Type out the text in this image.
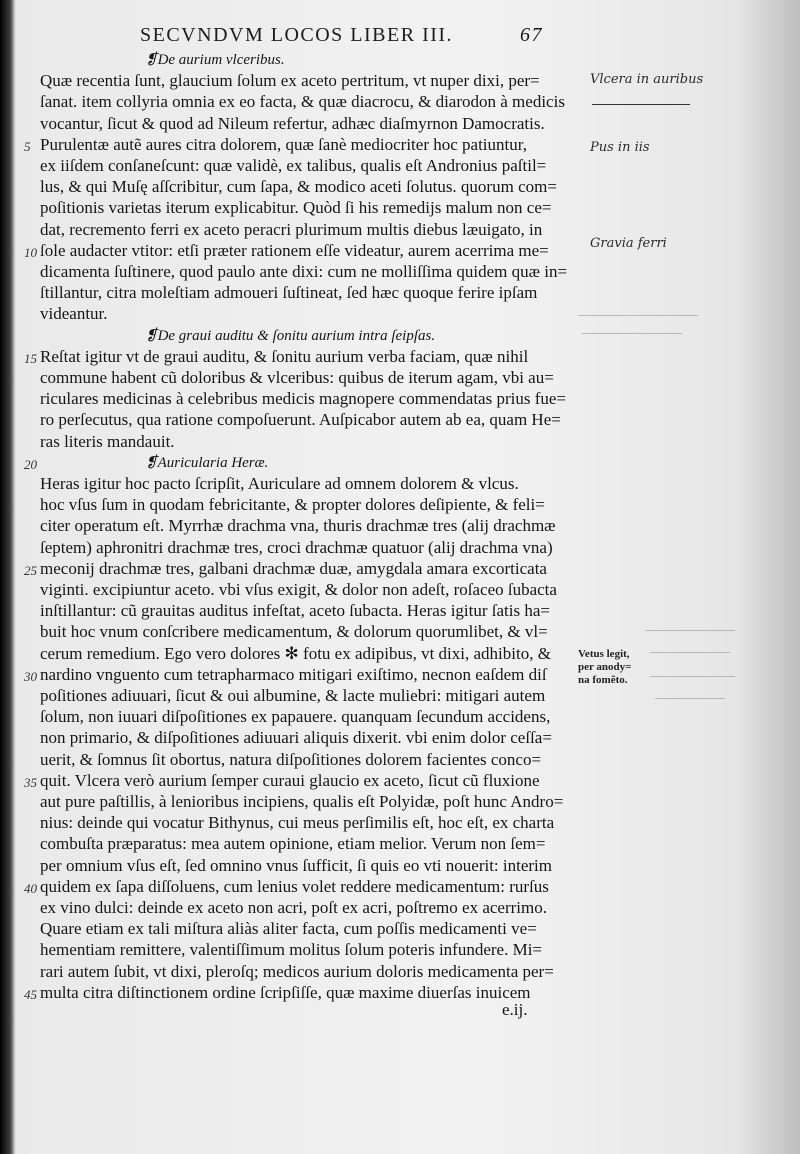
SECVNDVM LOCOS LIBER III.	67
❡De aurium vlceribus.
Quæ recentia ſunt, glaucium ſolum ex aceto pertritum, vt nuper dixi, per=
ſanat. item collyria omnia ex eo facta, & quæ diacrocu, & diarodon à medicis
vocantur, ſicut & quod ad Nileum refertur, adhæc diaſmyrnon Damocratis.
Purulentæ autẽ aures citra dolorem, quæ ſanè mediocriter hoc patiuntur,
ex iiſdem conſaneſcunt: quæ validè, ex talibus, qualis eſt Andronius paſtil=
lus, & qui Muſę aſſcribitur, cum ſapa, & modico aceti ſolutus. quorum com=
poſitionis varietas iterum explicabitur. Quòd ſi his remedijs malum non ce=
dat, recremento ferri ex aceto peracri plurimum multis diebus læuigato, in
ſole audacter vtitor: etſi præter rationem eſſe videatur, aurem acerrima me=
dicamenta ſuſtinere, quod paulo ante dixi: cum ne molliſſima quidem quæ in=
ſtillantur, citra moleſtiam admoueri ſuſtineat, ſed hæc quoque ferire ipſam
videantur.
❡De graui auditu & ſonitu aurium intra ſeipſas.
Reſtat igitur vt de graui auditu, & ſonitu aurium verba faciam, quæ nihil
commune habent cũ doloribus & vlceribus: quibus de iterum agam, vbi au=
riculares medicinas à celebribus medicis magnopere commendatas prius fue=
ro perſecutus, qua ratione compoſuerunt. Auſpicabor autem ab ea, quam He=
ras literis mandauit.
❡Auricularia Heræ.
Heras igitur hoc pacto ſcripſit, Auriculare ad omnem dolorem & vlcus.
hoc vſus ſum in quodam febricitante, & propter dolores deſipiente, & feli=
citer operatum eſt. Myrrhæ drachma vna, thuris drachmæ tres (alij drachmæ
ſeptem) aphronitri drachmæ tres, croci drachmæ quatuor (alij drachma vna)
meconij drachmæ tres, galbani drachmæ duæ, amygdala amara excorticata
viginti. excipiuntur aceto. vbi vſus exigit, & dolor non adeſt, roſaceo ſubacta
inſtillantur: cũ grauitas auditus infeſtat, aceto ſubacta. Heras igitur ſatis ha=
buit hoc vnum conſcribere medicamentum, & dolorum quorumlibet, & vl=
cerum remedium. Ego vero dolores ✻ fotu ex adipibus, vt dixi, adhibito, &
nardino vnguento cum tetrapharmaco mitigari exiſtimo, necnon eaſdem diſ
poſitiones adiuuari, ſicut & oui albumine, & lacte muliebri: mitigari autem
ſolum, non iuuari diſpoſitiones ex papauere. quanquam ſecundum accidens,
non primario, & diſpoſitiones adiuuari aliquis dixerit. vbi enim dolor ceſſa=
uerit, & ſomnus ſit obortus, natura diſpoſitiones dolorem facientes conco=
quit. Vlcera verò aurium ſemper curaui glaucio ex aceto, ſicut cũ fluxione
aut pure paſtillis, à lenioribus incipiens, qualis eſt Polyidæ, poſt hunc Andro=
nius: deinde qui vocatur Bithynus, cui meus perſimilis eſt, hoc eſt, ex charta
combuſta præparatus: mea autem opinione, etiam melior. Verum non ſem=
per omnium vſus eſt, ſed omnino vnus ſufficit, ſi quis eo vti nouerit: interim
quidem ex ſapa diſſoluens, cum lenius volet reddere medicamentum: rurſus
ex vino dulci: deinde ex aceto non acri, poſt ex acri, poſtremo ex acerrimo.
Quare etiam ex tali miſtura aliàs aliter facta, cum poſſis medicamenti ve=
hementiam remittere, valentiſſimum molitus ſolum poteris infundere. Mi=
rari autem ſubit, vt dixi, pleroſq; medicos aurium doloris medicamenta per=
multa citra diſtinctionem ordine ſcripſiſſe, quæ maxime diuerſas inuicem
5
10
15
20
25
30
35
40
45
Vetus legit, per anody= na fomẽto.
Vlcera in auribus
Pus in iis
Gravia ferri
e.ij.
